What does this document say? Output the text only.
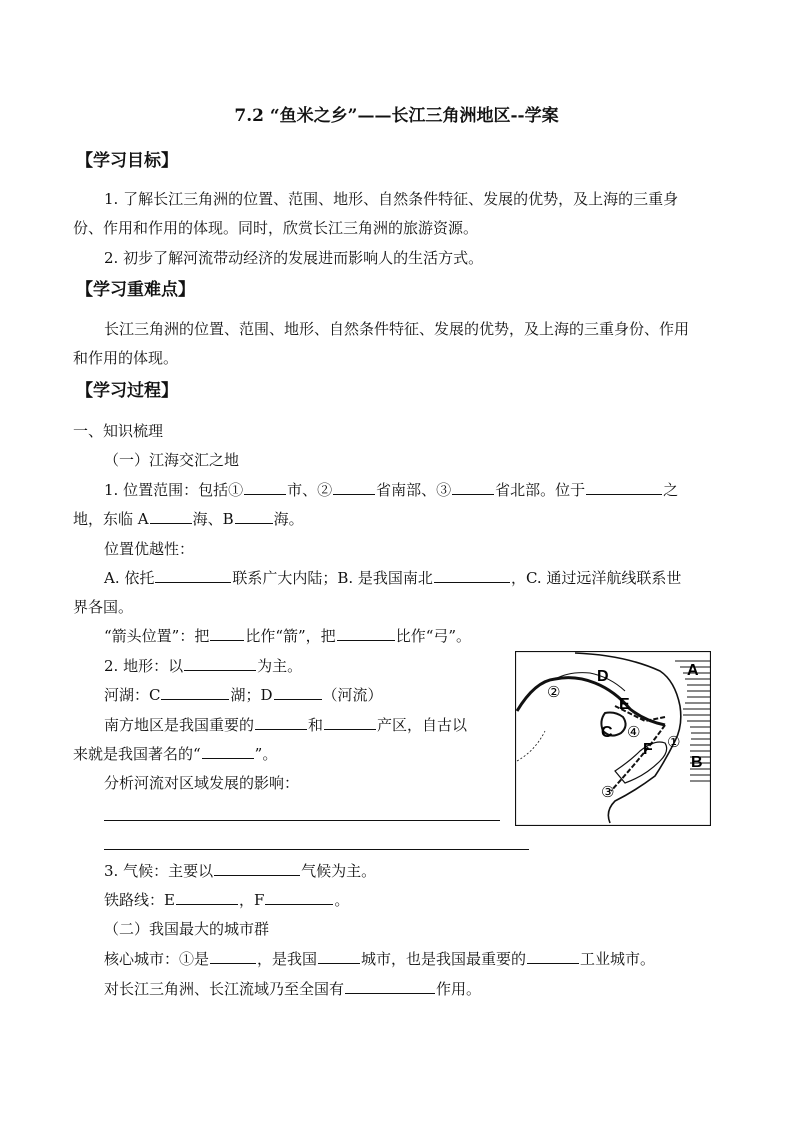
7.2 “鱼米之乡”——长江三角洲地区--学案
【学习目标】
1. 了解长江三角洲的位置、范围、地形、自然条件特征、发展的优势，及上海的三重身
份、作用和作用的体现。同时，欣赏长江三角洲的旅游资源。
2. 初步了解河流带动经济的发展进而影响人的生活方式。
【学习重难点】
长江三角洲的位置、范围、地形、自然条件特征、发展的优势，及上海的三重身份、作用
和作用的体现。
【学习过程】
一、知识梳理
（一）江海交汇之地
1. 位置范围：包括①	市、②	省南部、③	省北部。位于	之
地，东临 A	海、B	海。
位置优越性：
A. 依托	联系广大内陆；B. 是我国南北	，C. 通过远洋航线联系世
界各国。
“箭头位置”：把 比作“箭”，把	比作“弓”。
2. 地形：以	为主。
河湖：C	湖；D	（河流）
南方地区是我国重要的	和	产区，自古以
来就是我国著名的“	”。
分析河流对区域发展的影响：
3. 气候：主要以	气候为主。
铁路线：E	，F	。
（二）我国最大的城市群
核心城市：①是	，是我国	城市，也是我国最重要的	工业城市。
对长江三角洲、长江流域乃至全国有	作用。
A
B
C
D
E
F ①
②
③
④
